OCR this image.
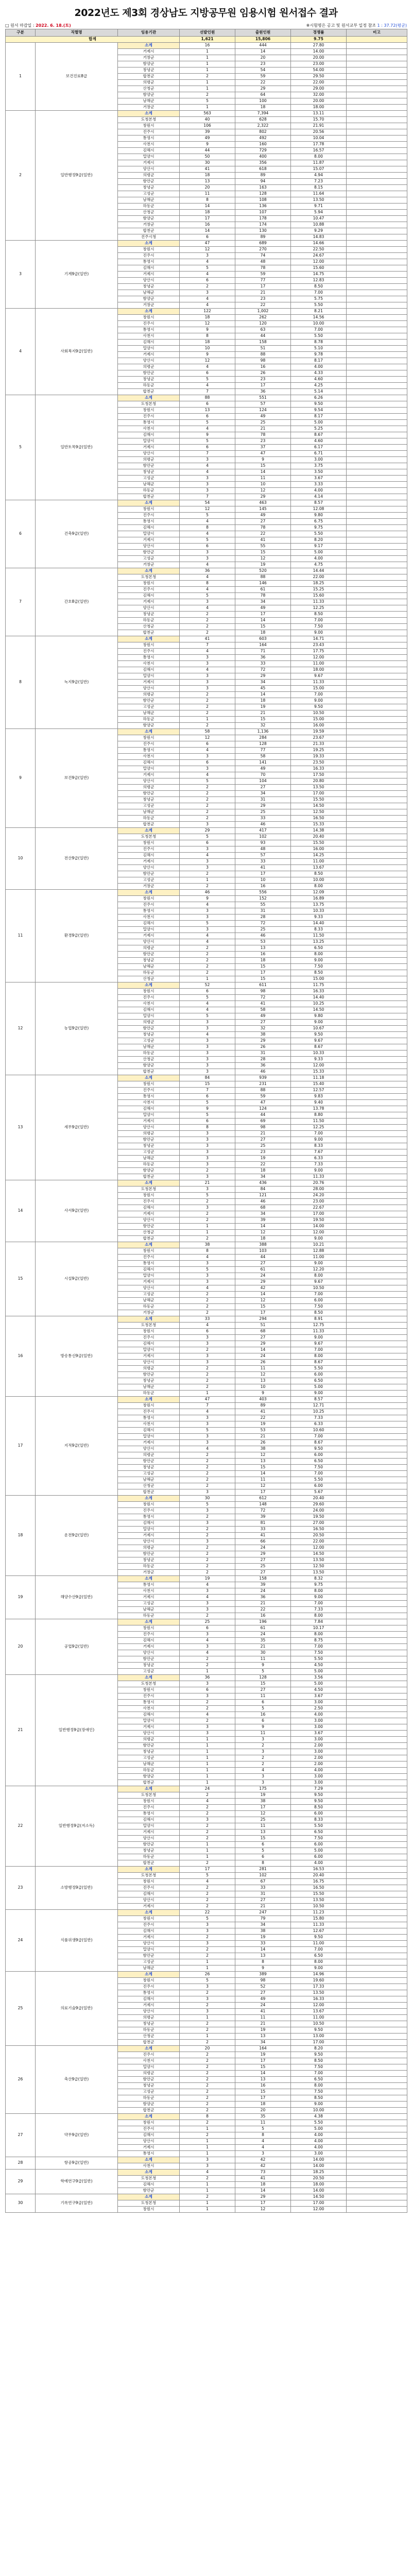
2022년도 제3회 경상남도 지방공무원 임용시험 원서접수 결과
□ 원서 마감일 : 2022. 6. 18.(토)	※시험명은 공고 및 원서교부 일정 참조 1 : 37.72(평균)
구분	직렬명	임용기관	선발인원	출원인원	경쟁률	비고
합계			1,621	15,806	9.75	
1	보건진료8급	소계	16	444	27.80	
		거제시	1	14	14.00	
		거창군	1	20	20.00	
		함양군	1	23	23.00	
		창녕군	1	54	54.00	
		합천군	2	59	29.50	
		의령군	1	22	22.00	
		산청군	1	29	29.00	
		함양군	2	64	32.00	
		남해군	5	100	20.00	
		거창군	1	18	18.00	
2	일반행정9급(일반)	소계	563	7,394	13.11	
		도청본청	40	628	15.70	
		창원시	106	2,322	21.91	
		진주시	39	802	20.56	
		통영시	49	492	10.04	
		사천시	9	160	17.78	
		김해시	44	729	16.57	
		밀양시	50	400	8.00	
		거제시	30	356	11.87	
		양산시	41	618	15.07	
		의령군	18	89	4.94	
		함안군	13	94	7.23	
		창녕군	20	163	8.15	
		고성군	11	128	11.64	
		남해군	8	108	13.50	
		하동군	14	136	9.71	
		산청군	18	107	5.94	
		함양군	17	178	10.47	
		거창군	16	174	10.88	
		합천군	14	130	9.29	
		진주시청	6	89	14.83	
3	기계9급(일반)	소계	47	689	14.66	
		창원시	12	270	22.50	
		진주시	3	74	24.67	
		통영시	4	48	12.00	
		김해시	5	78	15.60	
		거제시	4	59	14.75	
		양산시	6	77	12.83	
		창녕군	2	17	8.50	
		남해군	3	21	7.00	
		함양군	4	23	5.75	
		거창군	4	22	5.50	
4	사회복지9급(일반)	소계	122	1,002	8.21	
		창원시	18	262	14.56	
		진주시	12	120	10.00	
		통영시	9	63	7.00	
		사천시	8	44	5.50	
		김해시	18	158	8.78	
		밀양시	10	51	5.10	
		거제시	9	88	9.78	
		양산시	12	98	8.17	
		의령군	4	16	4.00	
		함안군	6	26	4.33	
		창녕군	5	23	4.60	
		하동군	4	17	4.25	
		합천군	7	36	5.14	
5	일반토목9급(일반)	소계	88	551	6.26	
		도청본청	6	57	9.50	
		창원시	13	124	9.54	
		진주시	6	49	8.17	
		통영시	5	25	5.00	
		사천시	4	21	5.25	
		김해시	9	78	8.67	
		밀양시	5	23	4.60	
		거제시	6	37	6.17	
		양산시	7	47	6.71	
		의령군	3	9	3.00	
		함안군	4	15	3.75	
		창녕군	4	14	3.50	
		고성군	3	11	3.67	
		남해군	3	10	3.33	
		하동군	3	12	4.00	
		합천군	7	29	4.14	
6	건축9급(일반)	소계	54	463	8.57	
		창원시	12	145	12.08	
		진주시	5	49	9.80	
		통영시	4	27	6.75	
		김해시	8	78	9.75	
		밀양시	4	22	5.50	
		거제시	5	41	8.20	
		양산시	6	55	9.17	
		함안군	3	15	5.00	
		고성군	3	12	4.00	
		거창군	4	19	4.75	
7	간호8급(일반)	소계	36	520	14.44	
		도청본청	4	88	22.00	
		창원시	8	146	18.25	
		진주시	4	61	15.25	
		김해시	5	78	15.60	
		거제시	3	34	11.33	
		양산시	4	49	12.25	
		창녕군	2	17	8.50	
		하동군	2	14	7.00	
		산청군	2	15	7.50	
		합천군	2	18	9.00	
8	녹지9급(일반)	소계	41	603	14.71	
		창원시	7	164	23.43	
		진주시	4	71	17.75	
		통영시	3	36	12.00	
		사천시	3	33	11.00	
		김해시	4	72	18.00	
		밀양시	3	29	9.67	
		거제시	3	34	11.33	
		양산시	3	45	15.00	
		의령군	2	14	7.00	
		함안군	2	18	9.00	
		고성군	2	19	9.50	
		남해군	2	21	10.50	
		하동군	1	15	15.00	
		함양군	2	32	16.00	
9	보건9급(일반)	소계	58	1,136	19.59	
		창원시	12	284	23.67	
		진주시	6	128	21.33	
		통영시	4	77	19.25	
		사천시	3	58	19.33	
		김해시	6	141	23.50	
		밀양시	3	49	16.33	
		거제시	4	70	17.50	
		양산시	5	104	20.80	
		의령군	2	27	13.50	
		함안군	2	34	17.00	
		창녕군	2	31	15.50	
		고성군	2	29	14.50	
		남해군	2	25	12.50	
		하동군	2	33	16.50	
		합천군	3	46	15.33	
10	전산9급(일반)	소계	29	417	14.38	
		도청본청	5	102	20.40	
		창원시	6	93	15.50	
		진주시	3	48	16.00	
		김해시	4	57	14.25	
		거제시	3	33	11.00	
		양산시	3	41	13.67	
		함안군	2	17	8.50	
		고성군	1	10	10.00	
		거창군	2	16	8.00	
11	환경9급(일반)	소계	46	556	12.09	
		창원시	9	152	16.89	
		진주시	4	55	13.75	
		통영시	3	31	10.33	
		사천시	3	28	9.33	
		김해시	5	72	14.40	
		밀양시	3	25	8.33	
		거제시	4	46	11.50	
		양산시	4	53	13.25	
		의령군	2	13	6.50	
		함안군	2	16	8.00	
		창녕군	2	18	9.00	
		남해군	2	15	7.50	
		하동군	2	17	8.50	
		산청군	1	15	15.00	
12	농업9급(일반)	소계	52	611	11.75	
		창원시	6	98	16.33	
		진주시	5	72	14.40	
		사천시	4	41	10.25	
		김해시	4	58	14.50	
		밀양시	5	49	9.80	
		의령군	3	27	9.00	
		함안군	3	32	10.67	
		창녕군	4	38	9.50	
		고성군	3	29	9.67	
		남해군	3	26	8.67	
		하동군	3	31	10.33	
		산청군	3	28	9.33	
		함양군	3	36	12.00	
		합천군	3	46	15.33	
13	세무9급(일반)	소계	84	939	11.18	
		창원시	15	231	15.40	
		진주시	7	88	12.57	
		통영시	6	59	9.83	
		사천시	5	47	9.40	
		김해시	9	124	13.78	
		밀양시	5	44	8.80	
		거제시	6	69	11.50	
		양산시	8	98	12.25	
		의령군	3	21	7.00	
		함안군	3	27	9.00	
		창녕군	3	25	8.33	
		고성군	3	23	7.67	
		남해군	3	19	6.33	
		하동군	3	22	7.33	
		함양군	2	18	9.00	
		합천군	3	34	11.33	
14	사서9급(일반)	소계	21	436	20.76	
		도청본청	3	84	28.00	
		창원시	5	121	24.20	
		진주시	2	46	23.00	
		김해시	3	68	22.67	
		거제시	2	34	17.00	
		양산시	2	39	19.50	
		함안군	1	14	14.00	
		산청군	1	12	12.00	
		합천군	2	18	9.00	
15	시설9급(일반)	소계	38	388	10.21	
		창원시	8	103	12.88	
		진주시	4	44	11.00	
		통영시	3	27	9.00	
		김해시	5	61	12.20	
		밀양시	3	24	8.00	
		거제시	3	29	9.67	
		양산시	4	42	10.50	
		고성군	2	14	7.00	
		남해군	2	12	6.00	
		하동군	2	15	7.50	
		거창군	2	17	8.50	
16	방송통신9급(일반)	소계	33	294	8.91	
		도청본청	4	51	12.75	
		창원시	6	68	11.33	
		진주시	3	27	9.00	
		김해시	3	29	9.67	
		밀양시	2	14	7.00	
		거제시	3	24	8.00	
		양산시	3	26	8.67	
		의령군	2	11	5.50	
		함안군	2	12	6.00	
		창녕군	2	13	6.50	
		남해군	2	10	5.00	
		하동군	1	9	9.00	
17	지적9급(일반)	소계	47	403	8.57	
		창원시	7	89	12.71	
		진주시	4	41	10.25	
		통영시	3	22	7.33	
		사천시	3	19	6.33	
		김해시	5	53	10.60	
		밀양시	3	21	7.00	
		거제시	3	26	8.67	
		양산시	4	38	9.50	
		의령군	2	12	6.00	
		함안군	2	13	6.50	
		창녕군	2	15	7.50	
		고성군	2	14	7.00	
		남해군	2	11	5.50	
		산청군	2	12	6.00	
		합천군	3	17	5.67	
18	운전9급(일반)	소계	30	612	20.40	
		창원시	5	148	29.60	
		진주시	3	72	24.00	
		통영시	2	39	19.50	
		김해시	3	81	27.00	
		밀양시	2	33	16.50	
		거제시	2	41	20.50	
		양산시	3	66	22.00	
		의령군	2	24	12.00	
		함안군	2	29	14.50	
		창녕군	2	27	13.50	
		하동군	2	25	12.50	
		거창군	2	27	13.50	
19	해양수산9급(일반)	소계	19	158	8.32	
		통영시	4	39	9.75	
		사천시	3	24	8.00	
		거제시	4	36	9.00	
		고성군	3	21	7.00	
		남해군	3	22	7.33	
		하동군	2	16	8.00	
20	공업9급(일반)	소계	25	196	7.84	
		창원시	6	61	10.17	
		진주시	3	24	8.00	
		김해시	4	35	8.75	
		거제시	3	21	7.00	
		양산시	4	30	7.50	
		함안군	2	11	5.50	
		창녕군	2	9	4.50	
		고성군	1	5	5.00	
21	일반행정9급(장애인)	소계	36	128	3.56	
		도청본청	3	15	5.00	
		창원시	6	27	4.50	
		진주시	3	11	3.67	
		통영시	2	6	3.00	
		사천시	2	5	2.50	
		김해시	4	16	4.00	
		밀양시	2	6	3.00	
		거제시	3	9	3.00	
		양산시	3	11	3.67	
		의령군	1	3	3.00	
		함안군	1	2	2.00	
		창녕군	1	3	3.00	
		고성군	1	2	2.00	
		남해군	1	2	2.00	
		하동군	1	4	4.00	
		함양군	1	3	3.00	
		합천군	1	3	3.00	
22	일반행정9급(저소득)	소계	24	175	7.29	
		도청본청	2	19	9.50	
		창원시	4	38	9.50	
		진주시	2	17	8.50	
		통영시	2	12	6.00	
		김해시	3	25	8.33	
		밀양시	2	11	5.50	
		거제시	2	13	6.50	
		양산시	2	15	7.50	
		함안군	1	6	6.00	
		창녕군	1	5	5.00	
		하동군	1	6	6.00	
		합천군	2	8	4.00	
23	소방행정9급(일반)	소계	17	281	16.53	
		도청본청	5	102	20.40	
		창원시	4	67	16.75	
		진주시	2	33	16.50	
		김해시	2	31	15.50	
		양산시	2	27	13.50	
		거제시	2	21	10.50	
24	식품위생9급(일반)	소계	22	247	11.23	
		창원시	5	79	15.80	
		진주시	3	34	11.33	
		김해시	3	38	12.67	
		거제시	2	19	9.50	
		양산시	3	33	11.00	
		밀양시	2	14	7.00	
		함안군	2	13	6.50	
		고성군	1	8	8.00	
		남해군	1	9	9.00	
25	의료기술9급(일반)	소계	26	389	14.96	
		창원시	5	98	19.60	
		진주시	3	52	17.33	
		통영시	2	27	13.50	
		김해시	3	49	16.33	
		거제시	2	24	12.00	
		양산시	3	41	13.67	
		의령군	1	11	11.00	
		창녕군	2	21	10.50	
		하동군	2	19	9.50	
		산청군	1	13	13.00	
		합천군	2	34	17.00	
26	축산9급(일반)	소계	20	164	8.20	
		진주시	2	19	9.50	
		사천시	2	17	8.50	
		밀양시	2	15	7.50	
		의령군	2	14	7.00	
		함안군	2	13	6.50	
		창녕군	2	16	8.00	
		고성군	2	15	7.50	
		하동군	2	17	8.50	
		함양군	2	18	9.00	
		합천군	2	20	10.00	
27	약무9급(일반)	소계	8	35	4.38	
		창원시	2	11	5.50	
		진주시	1	5	5.00	
		김해시	2	8	4.00	
		양산시	1	4	4.00	
		거제시	1	4	4.00	
		통영시	1	3	3.00	
28	항공9급(일반)	소계	3	42	14.00	
		사천시	3	42	14.00	
29	학예연구9급(일반)	소계	4	73	18.25	
		도청본청	2	41	20.50	
		김해시	1	18	18.00	
		함안군	1	14	14.00	
30	기록연구9급(일반)	소계	2	29	14.50	
		도청본청	1	17	17.00	
		창원시	1	12	12.00	
